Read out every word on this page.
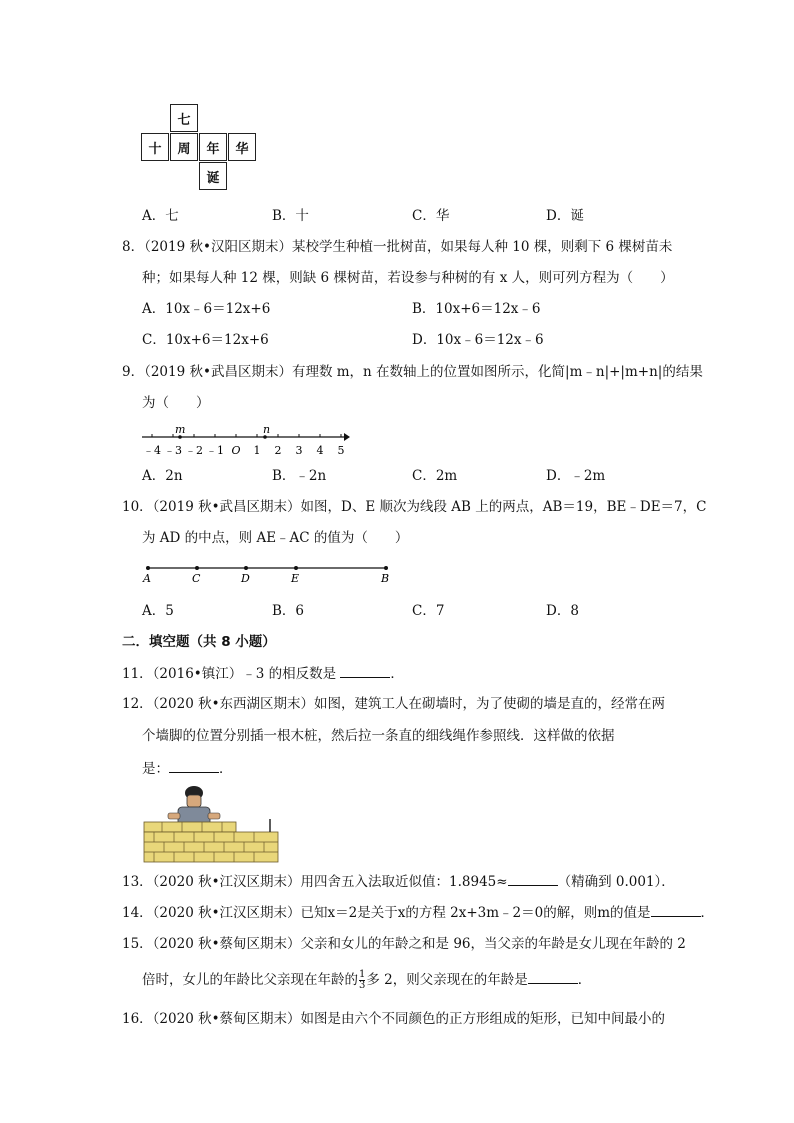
七
十	周	年	华
诞
A．七	B．十	C．华	D．诞
8．（2019 秋•汉阳区期末）某校学生种植一批树苗，如果每人种 10 棵，则剩下 6 棵树苗未
种；如果每人种 12 棵，则缺 6 棵树苗，若设参与种树的有 x 人，则可列方程为（　　）
A．10x﹣6＝12x+6	B．10x+6＝12x﹣6
C．10x+6＝12x+6	D．10x﹣6＝12x﹣6
9．（2019 秋•武昌区期末）有理数 m，n 在数轴上的位置如图所示，化简|m﹣n|+|m+n|的结果
为（　　）
m	n
﹣4 ﹣3 ﹣2 ﹣1 O 1 2 3 4 5
A．2n	B．﹣2n	C．2m	D．﹣2m
10．（2019 秋•武昌区期末）如图，D、E 顺次为线段 AB 上的两点，AB＝19，BE﹣DE＝7，C
为 AD 的中点，则 AE﹣AC 的值为（　　）
A	C	D	E	B
A．5	B．6	C．7	D．8
二．填空题（共 8 小题）
11．（2016•镇江）﹣3 的相反数是	．
12．（2020 秋•东西湖区期末）如图，建筑工人在砌墙时，为了使砌的墙是直的，经常在两
个墙脚的位置分别插一根木桩，然后拉一条直的细线绳作参照线．这样做的依据
是：	．
13．（2020 秋•江汉区期末）用四舍五入法取近似值：1.8945≈	（精确到 0.001）．
14．（2020 秋•江汉区期末）已知x＝2是关于x的方程 2x+3m﹣2＝0的解，则m的值是	．
15．（2020 秋•蔡甸区期末）父亲和女儿的年龄之和是 96，当父亲的年龄是女儿现在年龄的 2
倍时，女儿的年龄比父亲现在年龄的 $\frac{1}{3}$ 多 2，则父亲现在的年龄是	．
16．（2020 秋•蔡甸区期末）如图是由六个不同颜色的正方形组成的矩形，已知中间最小的
